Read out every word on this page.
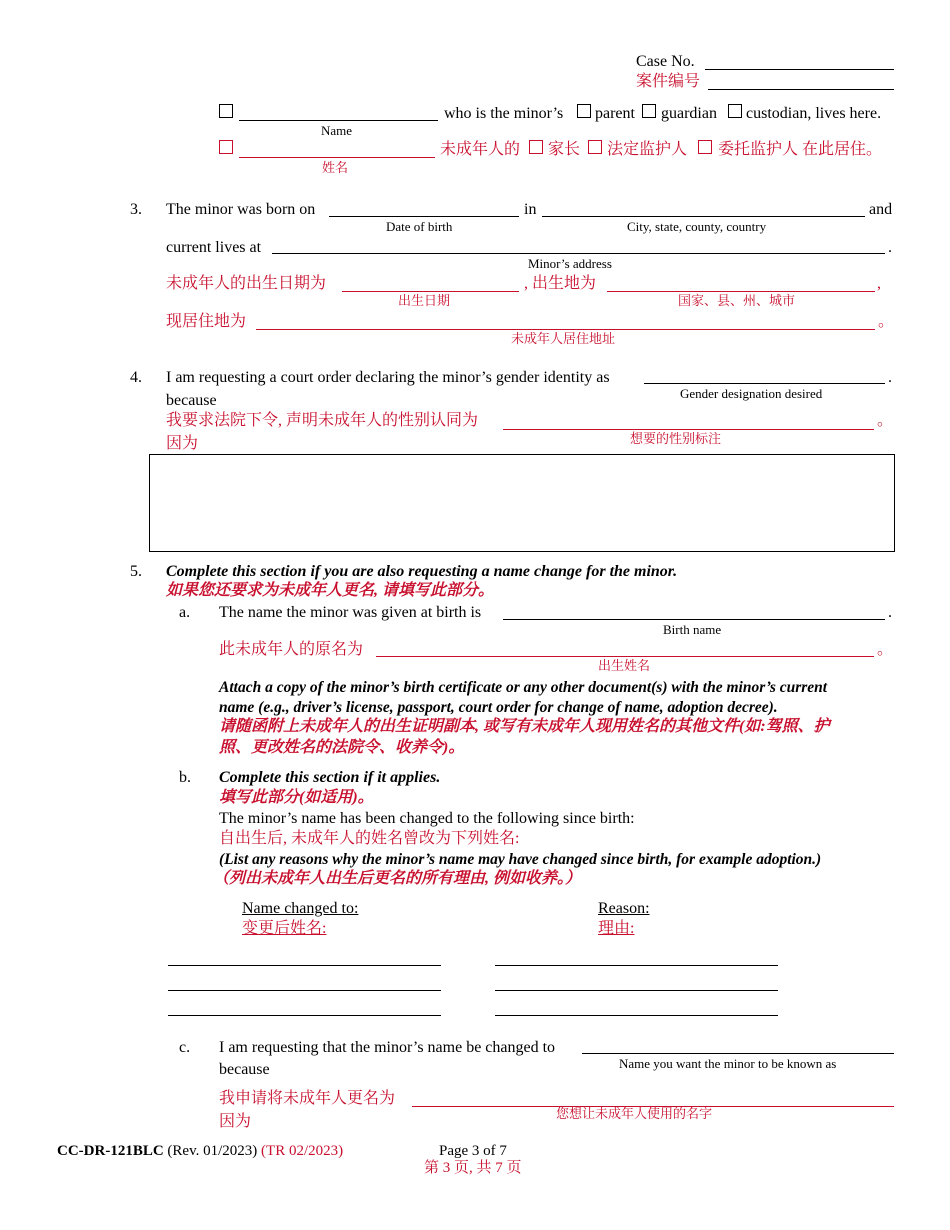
Case No.
案件编号
who is the minor’s parent guardian custodian, lives here.
Name
未成年人的 家长 法定监护人 委托监护人 在此居住。
姓名
3. The minor was born on	in	and
Date of birth	City, state, county, country
current lives at	.
Minor’s address
未成年人的出生日期为	, 出生地为	,
出生日期	国家、县、州、城市
现居住地为	。
未成年人居住地址
4. I am requesting a court order declaring the minor’s gender identity as	.
because	Gender designation desired
我要求法院下令, 声明未成年人的性别认同为	。
因为	想要的性别标注
5. Complete this section if you are also requesting a name change for the minor.
如果您还要求为未成年人更名, 请填写此部分。
a. The name the minor was given at birth is	.
Birth name
此未成年人的原名为	。
出生姓名
Attach a copy of the minor’s birth certificate or any other document(s) with the minor’s current
name (e.g., driver’s license, passport, court order for change of name, adoption decree).
请随函附上未成年人的出生证明副本, 或写有未成年人现用姓名的其他文件(如:驾照、护
照、更改姓名的法院令、收养令)。
b. Complete this section if it applies.
填写此部分(如适用)。
The minor’s name has been changed to the following since birth:
自出生后, 未成年人的姓名曾改为下列姓名:
(List any reasons why the minor’s name may have changed since birth, for example adoption.)
（列出未成年人出生后更名的所有理由, 例如收养。）
Name changed to:
变更后姓名:
Reason:
理由:
c. I am requesting that the minor’s name be changed to
because	Name you want the minor to be known as
我申请将未成年人更名为
因为	您想让未成年人使用的名字
CC-DR-121BLC (Rev. 01/2023) (TR 02/2023)	Page 3 of 7
第 3 页, 共 7 页
